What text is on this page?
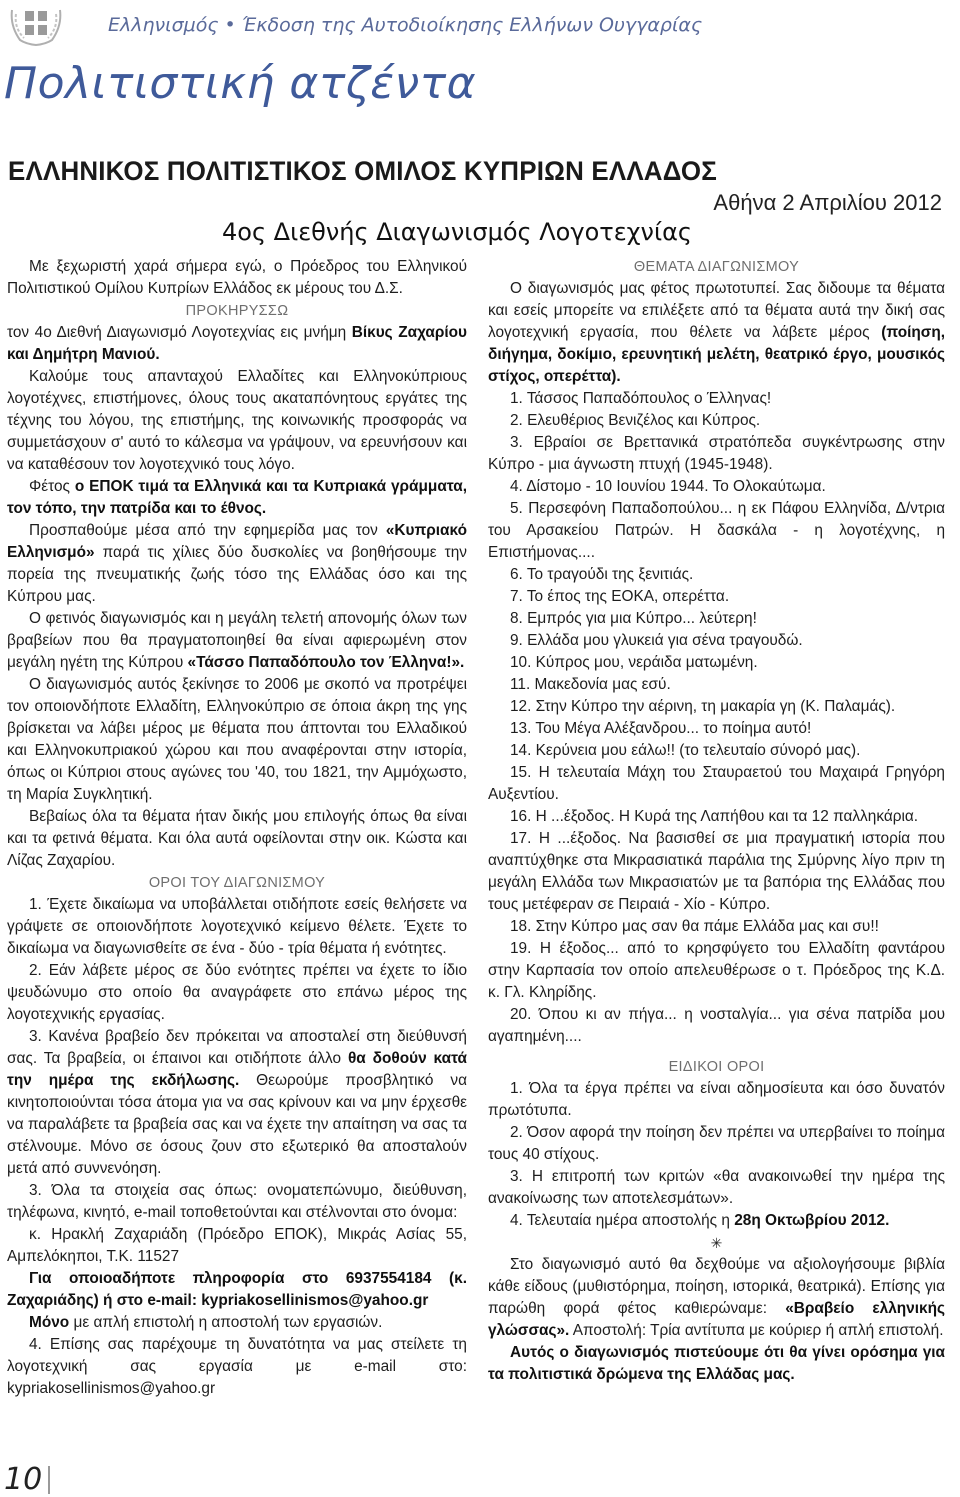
Ελληνισμός • Έκδοση της Αυτοδιοίκησης Ελλήνων Ουγγαρίας
Πολιτιστική ατζέντα
ΕΛΛΗΝΙΚΟΣ ΠΟΛΙΤΙΣΤΙΚΟΣ ΟΜΙΛΟΣ ΚΥΠΡΙΩΝ ΕΛΛΑΔΟΣ
Αθήνα 2 Απριλίου 2012
4ος Διεθνής Διαγωνισμός Λογοτεχνίας

Με ξεχωριστή χαρά σήμερα εγώ, ο Πρόεδρος του Ελληνικού Πολιτιστικού Ομίλου Κυπρίων Ελλάδος εκ μέρους του Δ.Σ.

ΠΡΟΚΗΡΥΣΣΩ

τον 4ο Διεθνή Διαγωνισμό Λογοτεχνίας εις μνήμη Βίκυς Ζαχαρίου και Δημήτρη Μανιού.

Καλούμε τους απανταχού Ελλαδίτες και Ελληνοκύπριους λογοτέχνες, επιστήμονες, όλους τους ακαταπόνητους εργάτες της τέχνης του λόγου, της επιστήμης, της κοινωνικής προσφοράς να συμμετάσχουν σ' αυτό το κάλεσμα να γράψουν, να ερευνήσουν και να καταθέσουν τον λογοτεχνικό τους λόγο.

Φέτος ο ΕΠΟΚ τιμά τα Ελληνικά και τα Κυπριακά γράμματα, τον τόπο, την πατρίδα και το έθνος.

Προσπαθούμε μέσα από την εφημερίδα μας τον «Κυπριακό Ελληνισμό» παρά τις χίλιες δύο δυσκολίες να βοηθήσουμε την πορεία της πνευματικής ζωής τόσο της Ελλάδας όσο και της Κύπρου μας.

Ο φετινός διαγωνισμός και η μεγάλη τελετή απονομής όλων των βραβείων που θα πραγματοποιηθεί θα είναι αφιερωμένη στον μεγάλη ηγέτη της Κύπρου «Τάσσο Παπαδόπουλο τον Έλληνα!».

Ο διαγωνισμός αυτός ξεκίνησε το 2006 με σκοπό να προτρέψει τον οποιονδήποτε Ελλαδίτη, Ελληνοκύπριο σε όποια άκρη της γης βρίσκεται να λάβει μέρος με θέματα που άπτονται του Ελλαδικού και Ελληνοκυπριακού χώρου και που αναφέρονται στην ιστορία, όπως οι Κύπριοι στους αγώνες του '40, του 1821, την Αμμόχωστο, τη Μαρία Συγκλητική.

Βεβαίως όλα τα θέματα ήταν δικής μου επιλογής όπως θα είναι και τα φετινά θέματα. Και όλα αυτά οφείλονται στην οικ. Κώστα και Λίζας Ζαχαρίου.

ΟΡΟΙ ΤΟΥ ΔΙΑΓΩΝΙΣΜΟΥ

1. Έχετε δικαίωμα να υποβάλλεται οτιδήποτε εσείς θελήσετε να γράψετε σε οποιονδήποτε λογοτεχνικό κείμενο θέλετε. Έχετε το δικαίωμα να διαγωνισθείτε σε ένα - δύο - τρία θέματα ή ενότητες.

2. Εάν λάβετε μέρος σε δύο ενότητες πρέπει να έχετε το ίδιο ψευδώνυμο στο οποίο θα αναγράφετε στο επάνω μέρος της λογοτεχνικής εργασίας.

3. Κανένα βραβείο δεν πρόκειται να αποσταλεί στη διεύθυνσή σας. Τα βραβεία, οι έπαινοι και οτιδήποτε άλλο θα δοθούν κατά την ημέρα της εκδήλωσης. Θεωρούμε προσβλητικό να κινητοποιούνται τόσα άτομα για να σας κρίνουν και να μην έρχεσθε να παραλάβετε τα βραβεία σας και να έχετε την απαίτηση να σας τα στέλνουμε. Μόνο σε όσους ζουν στο εξωτερικό θα αποσταλούν μετά από συννενόηση.

3. Όλα τα στοιχεία σας όπως: ονοματεπώνυμο, διεύθυνση, τηλέφωνα, κινητό, e-mail τοποθετούνται και στέλνονται στο όνομα:

κ. Ηρακλή Ζαχαριάδη (Πρόεδρο ΕΠΟΚ), Μικράς Ασίας 55, Αμπελόκηποι, Τ.Κ. 11527

Για οποιοαδήποτε πληροφορία στο 6937554184 (κ. Ζαχαριάδης) ή στο e-mail: kypriakosellinismos@yahoo.gr

Μόνο με απλή επιστολή η αποστολή των εργασιών.

4. Επίσης σας παρέχουμε τη δυνατότητα να μας στείλετε τη λογοτεχνική σας εργασία με e-mail στο: kypriakosellinismos@yahoo.gr

ΘΕΜΑΤΑ ΔΙΑΓΩΝΙΣΜΟΥ

Ο διαγωνισμός μας φέτος πρωτοτυπεί. Σας διδουμε τα θέματα και εσείς μπορείτε να επιλέξετε από τα θέματα αυτά την δική σας λογοτεχνική εργασία, που θέλετε να λάβετε μέρος (ποίηση, διήγημα, δοκίμιο, ερευνητική μελέτη, θεατρικό έργο, μουσικός στίχος, οπερέττα).

1. Τάσσος Παπαδόπουλος ο Έλληνας!

2. Ελευθέριος Βενιζέλος και Κύπρος.

3. Εβραίοι σε Βρεττανικά στρατόπεδα συγκέντρωσης στην Κύπρο - μια άγνωστη πτυχή (1945-1948).

4. Δίστομο - 10 Ιουνίου 1944. Το Ολοκαύτωμα.

5. Περσεφόνη Παπαδοπούλου... η εκ Πάφου Ελληνίδα, Δ/ντρια του Αρσακείου Πατρών. Η δασκάλα - η λογοτέχνης, η Επιστήμονας....

6. Το τραγούδι της ξενιτιάς.

7. Το έπος της ΕΟΚΑ, οπερέττα.

8. Εμπρός για μια Κύπρο... λεύτερη!

9. Ελλάδα μου γλυκειά για σένα τραγουδώ.

10. Κύπρος μου, νεράιδα ματωμένη.

11. Μακεδονία μας εσύ.

12. Στην Κύπρο την αέρινη, τη μακαρία γη (Κ. Παλαμάς).

13. Του Μέγα Αλέξανδρου... το ποίημα αυτό!

14. Κερύνεια μου εάλω!! (το τελευταίο σύνορό μας).

15. Η τελευταία Μάχη του Σταυραετού του Μαχαιρά Γρηγόρη Αυξεντίου.

16. Η ...έξοδος. Η Κυρά της Λαπήθου και τα 12 παλληκάρια.

17. Η ...έξοδος. Να βασισθεί σε μια πραγματική ιστορία που αναπτύχθηκε στα Μικρασιατικά παράλια της Σμύρνης λίγο πριν τη μεγάλη Ελλάδα των Μικρασιατών με τα βαπόρια της Ελλάδας που τους μετέφεραν σε Πειραιά - Χίο - Κύπρο.

18. Στην Κύπρο μας σαν θα πάμε Ελλάδα μας και συ!!

19. Η έξοδος... από το κρησφύγετο του Ελλαδίτη φαντάρου στην Καρπασία τον οποίο απελευθέρωσε ο τ. Πρόεδρος της Κ.Δ. κ. Γλ. Κληρίδης.

20. Όπου κι αν πήγα... η νοσταλγία... για σένα πατρίδα μου αγαπημένη....

ΕΙΔΙΚΟΙ ΟΡΟΙ

1. Όλα τα έργα πρέπει να είναι αδημοσίευτα και όσο δυνατόν πρωτότυπα.

2. Όσον αφορά την ποίηση δεν πρέπει να υπερβαίνει το ποίημα τους 40 στίχους.

3. Η επιτροπή των κριτών «θα ανακοινωθεί την ημέρα της ανακοίνωσης των αποτελεσμάτων».

4. Τελευταία ημέρα αποστολής η 28η Οκτωβρίου 2012.

✳

Στο διαγωνισμό αυτό θα δεχθούμε να αξιολογήσουμε βιβλία κάθε είδους (μυθιστόρημα, ποίηση, ιστορικά, θεατρικά). Επίσης για παρώθη φορά φέτος καθιερώναμε: «Βραβείο ελληνικής γλώσσας». Αποστολή: Τρία αντίτυπα με κούριερ ή απλή επιστολή.

Αυτός ο διαγωνισμός πιστεύουμε ότι θα γίνει ορόσημα για τα πολιτιστικά δρώμενα της Ελλάδας μας.

10
